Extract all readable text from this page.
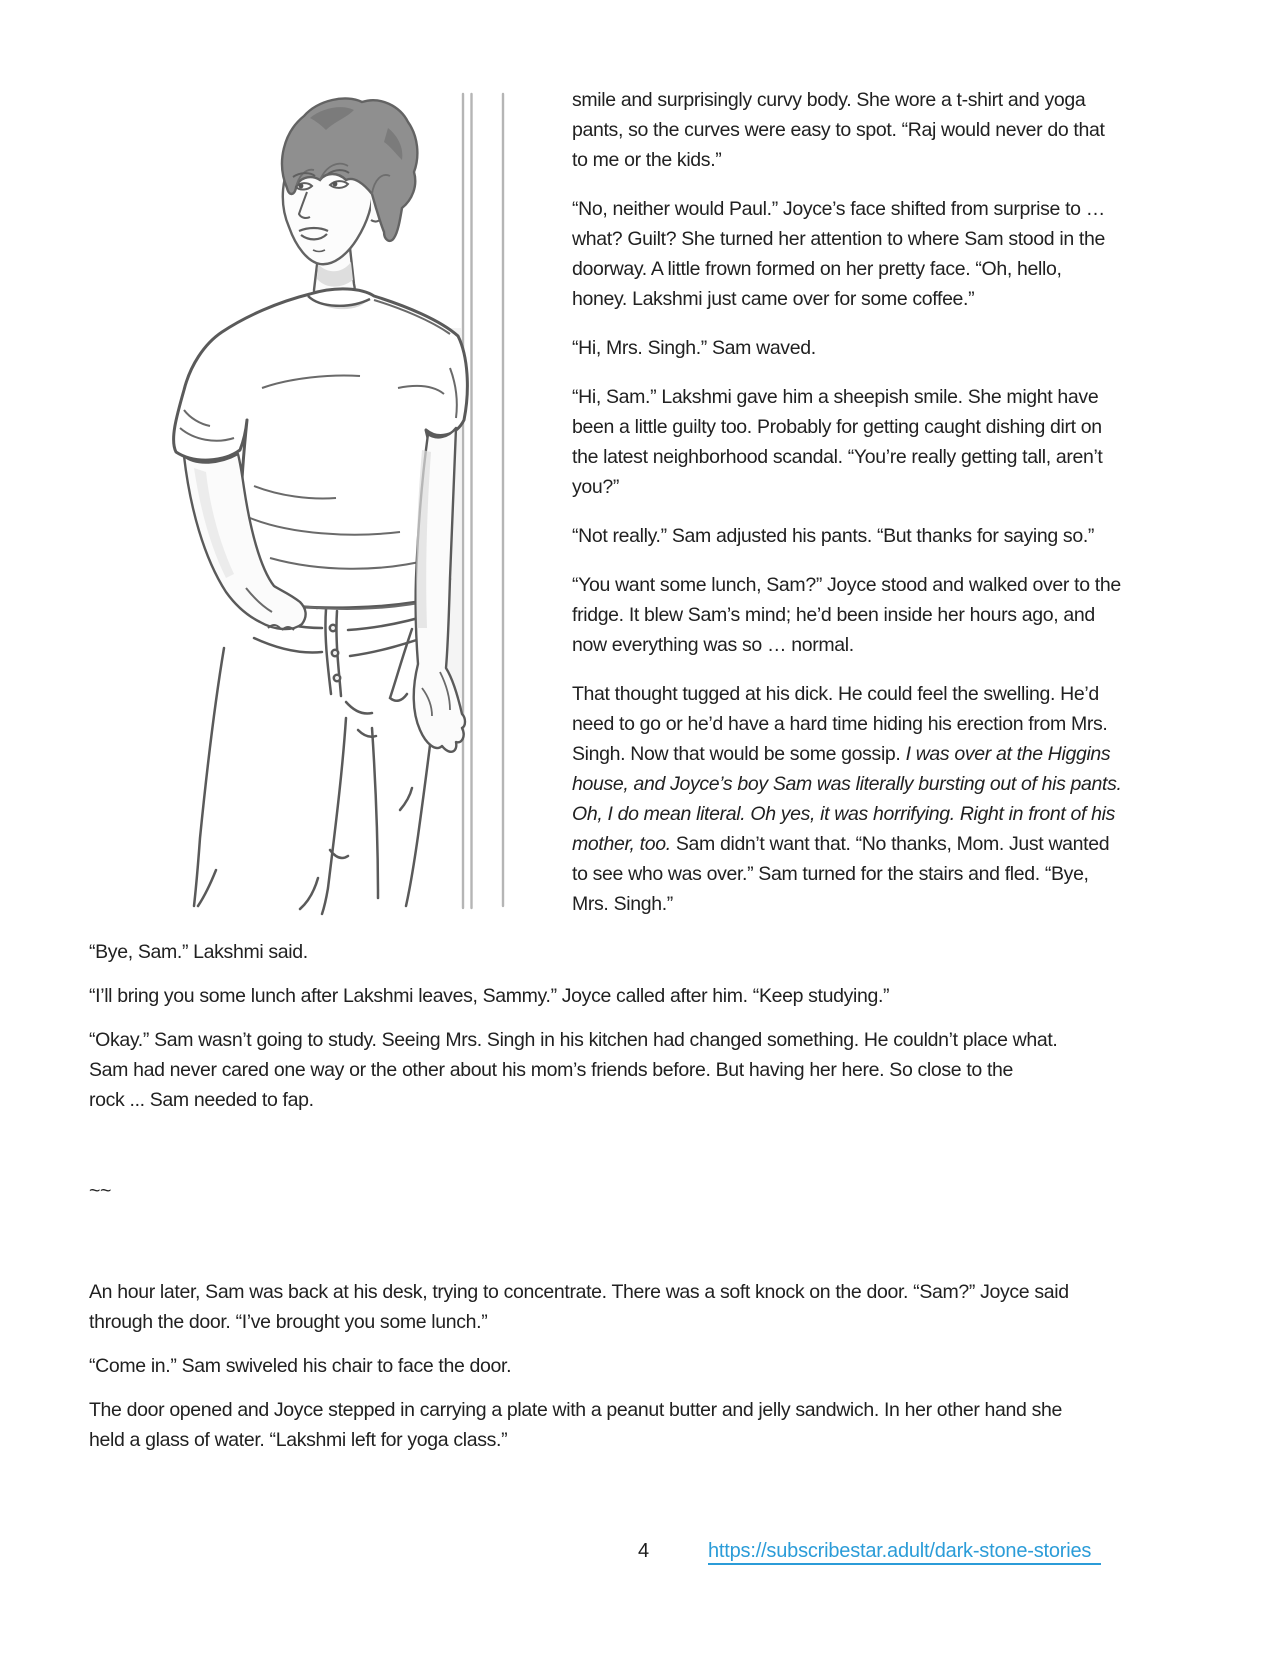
smile and surprisingly curvy body. She wore a t-shirt and yoga
pants, so the curves were easy to spot. “Raj would never do that
to me or the kids.”
“No, neither would Paul.” Joyce’s face shifted from surprise to …
what? Guilt? She turned her attention to where Sam stood in the
doorway. A little frown formed on her pretty face. “Oh, hello,
honey. Lakshmi just came over for some coffee.”
“Hi, Mrs. Singh.” Sam waved.
“Hi, Sam.” Lakshmi gave him a sheepish smile. She might have
been a little guilty too. Probably for getting caught dishing dirt on
the latest neighborhood scandal. “You’re really getting tall, aren’t
you?”
“Not really.” Sam adjusted his pants. “But thanks for saying so.”
“You want some lunch, Sam?” Joyce stood and walked over to the
fridge. It blew Sam’s mind; he’d been inside her hours ago, and
now everything was so … normal.
That thought tugged at his dick. He could feel the swelling. He’d
need to go or he’d have a hard time hiding his erection from Mrs.
Singh. Now that would be some gossip. I was over at the Higgins
house, and Joyce’s boy Sam was literally bursting out of his pants.
Oh, I do mean literal. Oh yes, it was horrifying. Right in front of his
mother, too. Sam didn’t want that. “No thanks, Mom. Just wanted
to see who was over.” Sam turned for the stairs and fled. “Bye,
Mrs. Singh.”
“Bye, Sam.” Lakshmi said.
“I’ll bring you some lunch after Lakshmi leaves, Sammy.” Joyce called after him. “Keep studying.”
“Okay.” Sam wasn’t going to study. Seeing Mrs. Singh in his kitchen had changed something. He couldn’t place what.
Sam had never cared one way or the other about his mom’s friends before. But having her here. So close to the
rock ... Sam needed to fap.
~~
An hour later, Sam was back at his desk, trying to concentrate. There was a soft knock on the door. “Sam?” Joyce said
through the door. “I’ve brought you some lunch.”
“Come in.” Sam swiveled his chair to face the door.
The door opened and Joyce stepped in carrying a plate with a peanut butter and jelly sandwich. In her other hand she
held a glass of water. “Lakshmi left for yoga class.”
4	https://subscribestar.adult/dark-stone-stories
